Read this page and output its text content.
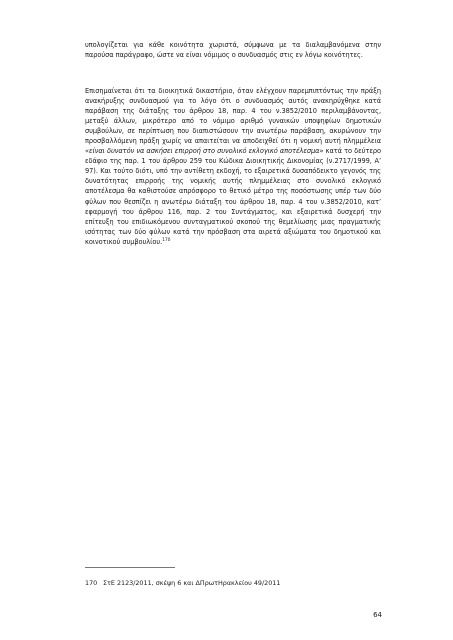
υπολογίζεται για κάθε κοινότητα χωριστά, σύμφωνα με τα διαλαμβανόμενα στην παρούσα παράγραφο, ώστε να είναι νόμιμος ο συνδυασμός στις εν λόγω κοινότητες.

Επισημαίνεται ότι τα διοικητικά δικαστήριο, όταν ελέγχουν παρεμπιπτόντως την πράξη ανακήρυξης συνδυασμού για το λόγο ότι ο συνδυασμός αυτός ανακηρύχθηκε κατά παράβαση της διάταξης του άρθρου 18, παρ. 4 του ν.3852/2010 περιλαμβάνοντας, μεταξύ άλλων, μικρότερο από το νόμιμο αριθμό γυναικών υποψηφίων δημοτικών συμβούλων, σε περίπτωση που διαπιστώσουν την ανωτέρω παράβαση, ακυρώνουν την προσβαλλόμενη πράξη χωρίς να απαιτείται να αποδειχθεί ότι η νομική αυτή πλημμέλεια «είναι δυνατόν να ασκήσει επιρροή στο συνολικό εκλογικό αποτέλεσμα» κατά το δεύτερο εδάφιο της παρ. 1 του άρθρου 259 του Κώδικα Διοικητικής Δικονομίας (ν.2717/1999, Α’ 97). Και τούτο διότι, υπό την αντίθετη εκδοχή, το εξαιρετικά δυσαπόδεικτο γεγονός της δυνατότητας επιρροής της νομικής αυτής πλημμέλειας στο συνολικό εκλογικό αποτέλεσμα θα καθιστούσε απρόσφορο το θετικό μέτρο της ποσόστωσης υπέρ των δύο φύλων που θεσπίζει η ανωτέρω διάταξη του άρθρου 18, παρ. 4 του ν.3852/2010, κατ’ εφαρμογή του άρθρου 116, παρ. 2 του Συντάγματος, και εξαιρετικά δυσχερή την επίτευξη του επιδιωκόμενου συνταγματικού σκοπού της θεμελίωσης μιας πραγματικής ισότητας των δύο φύλων κατά την πρόσβαση στα αιρετά αξιώματα του δημοτικού και κοινοτικού συμβουλίου.$^{170}$

170 ΣτΕ 2123/2011, σκέψη 6 και ΔΠρωτΗρακλείου 49/2011
64
